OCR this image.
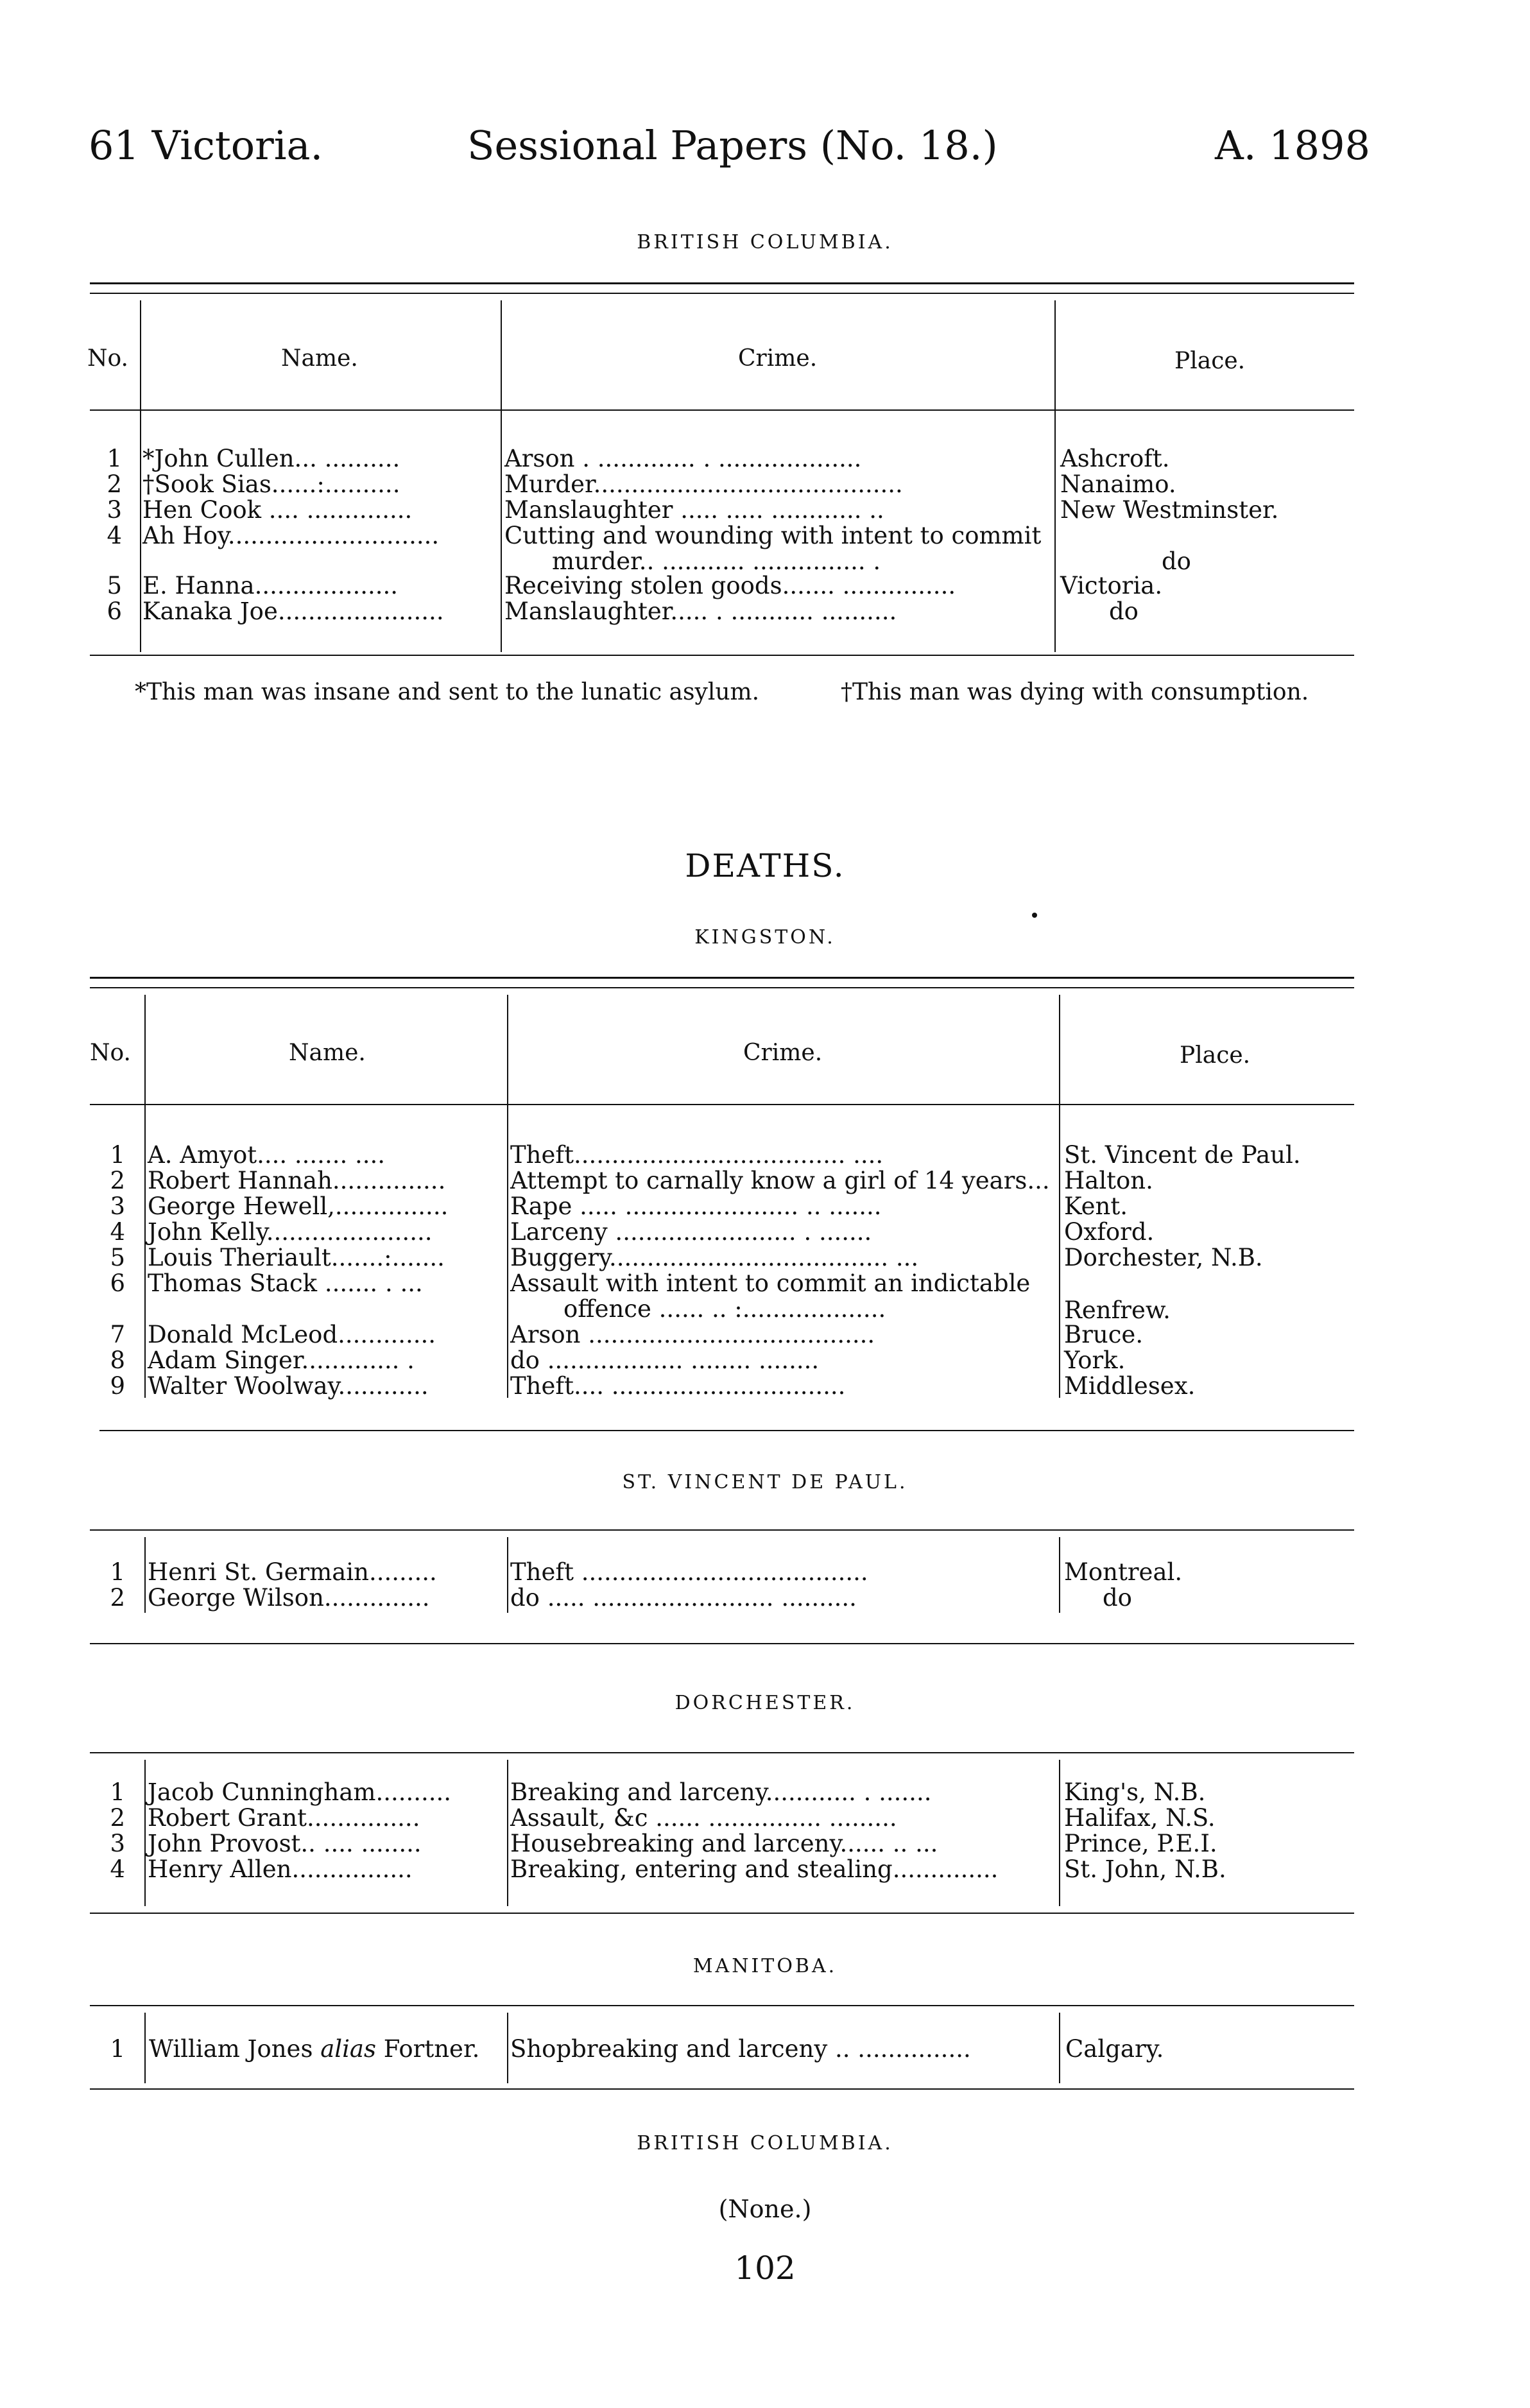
61 Victoria.	Sessional Papers (No. 18.)	A. 1898
BRITISH COLUMBIA.
No.	Name.	Crime.	Place.
1 *John Cullen... ..........	Arson . ............. . ...................	Ashcroft.
2 †Sook Sias......:..........	Murder.........................................	Nanaimo.
3 Hen Cook .... ..............	Manslaughter ..... ..... ............ ..	New Westminster.
4 Ah Hoy............................	Cutting and wounding with intent to commit
murder.. ........... ............... .	do
5 E. Hanna...................	Receiving stolen goods....... ...............	Victoria.
6 Kanaka Joe......................	Manslaughter..... . ........... ..........	do
*This man was insane and sent to the lunatic asylum.	†This man was dying with consumption.
DEATHS.
KINGSTON.
No.	Name.	Crime.	Place.
1 A. Amyot.... ....... ....	Theft.................................... ....	St. Vincent de Paul.
2 Robert Hannah...............	Attempt to carnally know a girl of 14 years... Halton.
3 George Hewell,...............	Rape ..... ....................... .. .......	Kent.
4 John Kelly......................	Larceny ........................ . .......	Oxford.
5 Louis Theriault.......:.......	Buggery..................................... ...	Dorchester, N.B.
6 Thomas Stack ....... . ...	Assault with intent to commit an indictable
offence ...... .. :...................	Renfrew.
7 Donald McLeod.............	Arson ......................................	Bruce.
8 Adam Singer............. .	do .................. ........ ........	York.
9 Walter Woolway............	Theft.... ...............................	Middlesex.
ST. VINCENT DE PAUL.
1 Henri St. Germain.........	Theft ......................................	Montreal.
2 George Wilson..............	do ..... ........................ ..........	do
DORCHESTER.
1 Jacob Cunningham.......... Breaking and larceny............ . .......	King's, N.B.
2 Robert Grant...............	Assault, &c ...... ............... .........	Halifax, N.S.
3 John Provost.. .... ........	Housebreaking and larceny...... .. ...	Prince, P.E.I.
4 Henry Allen................	Breaking, entering and stealing..............	St. John, N.B.
MANITOBA.
1 William Jones alias Fortner. Shopbreaking and larceny .. ...............	Calgary.
BRITISH COLUMBIA.
(None.)
102
